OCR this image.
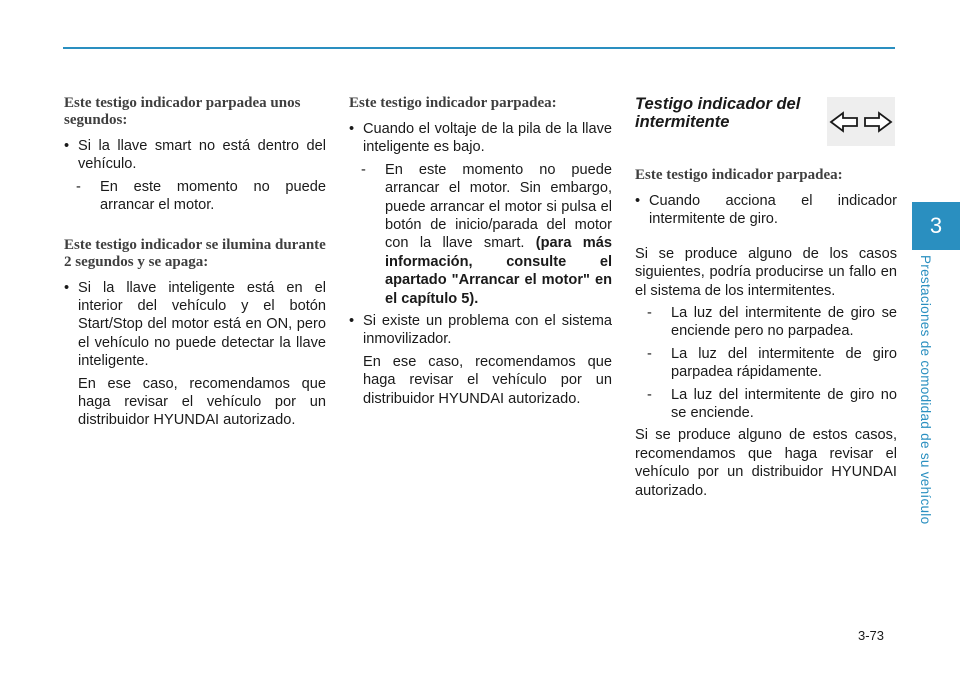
Este testigo indicador parpadea unos segundos:
• Si la llave smart no está dentro del vehículo.
- En este momento no puede arrancar el motor.
Este testigo indicador se ilumina durante 2 segundos y se apaga:
• Si la llave inteligente está en el interior del vehículo y el botón Start/Stop del motor está en ON, pero el vehículo no puede detectar la llave inteligente.
En ese caso, recomendamos que haga revisar el vehículo por un distribuidor HYUNDAI autorizado.
Este testigo indicador parpadea:
• Cuando el voltaje de la pila de la llave inteligente es bajo.
- En este momento no puede arrancar el motor. Sin embargo, puede arrancar el motor si pulsa el botón de inicio/parada del motor con la llave smart. (para más información, consulte el apartado "Arrancar el motor" en el capítulo 5).
• Si existe un problema con el sistema inmovilizador.
En ese caso, recomendamos que haga revisar el vehículo por un distribuidor HYUNDAI autorizado.
Testigo indicador del intermitente
Este testigo indicador parpadea:
• Cuando acciona el indicador intermitente de giro.

Si se produce alguno de los casos siguientes, podría producirse un fallo en el sistema de los intermitentes.

- La luz del intermitente de giro se enciende pero no parpadea.
- La luz del intermitente de giro parpadea rápidamente.
- La luz del intermitente de giro no se enciende.

Si se produce alguno de estos casos, recomendamos que haga revisar el vehículo por un distribuidor HYUNDAI autorizado.

3
Prestaciones de comodidad de su vehículo
3-73
